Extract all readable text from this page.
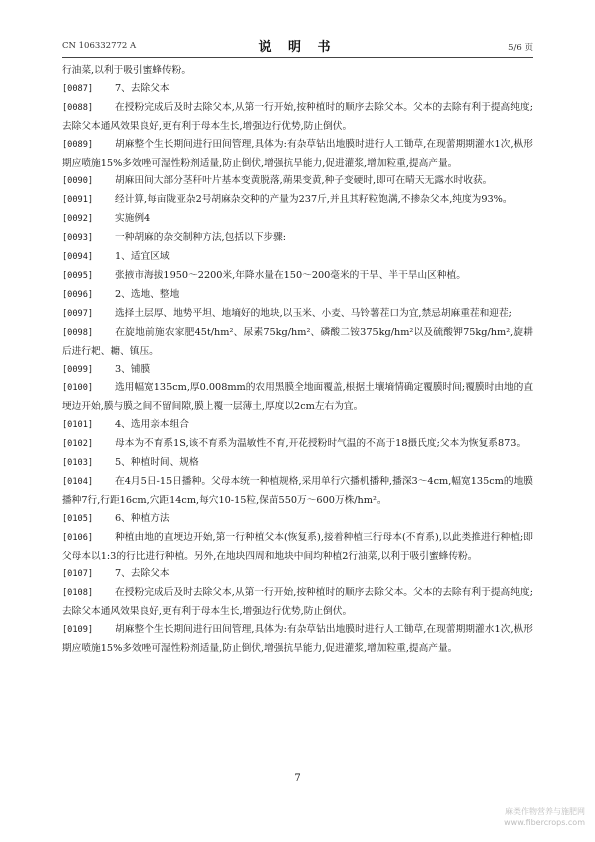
CN 106332772 A	说 明 书	5/6 页
行油菜,以利于吸引蜜蜂传粉。
[0087] 7、去除父本
[0088] 在授粉完成后及时去除父本,从第一行开始,按种植时的顺序去除父本。父本的去除有利于提高纯度;去除父本通风效果良好,更有利于母本生长,增强边行优势,防止倒伏。
[0089] 胡麻整个生长期间进行田间管理,具体为:有杂草钻出地膜时进行人工锄草,在现蕾期期灌水1次,枞形期应喷施15%多效唑可湿性粉剂适量,防止倒伏,增强抗旱能力,促进灌浆,增加粒重,提高产量。
[0090] 胡麻田间大部分茎秆叶片基本变黄脱落,蒴果变黄,种子变硬时,即可在晴天无露水时收获。
[0091] 经计算,每亩陇亚杂2号胡麻杂交种的产量为237斤,并且其籽粒饱满,不掺杂父本,纯度为93%。
[0092] 实施例4
[0093] 一种胡麻的杂交制种方法,包括以下步骤:
[0094] 1、适宜区域
[0095] 张掖市海拔1950～2200米,年降水量在150～200毫米的干旱、半干旱山区种植。
[0096] 2、选地、整地
[0097] 选择土层厚、地势平坦、地墒好的地块,以玉米、小麦、马铃薯茬口为宜,禁忌胡麻重茬和迎茬;
[0098] 在旋地前施农家肥45t/hm²、尿素75kg/hm²、磷酸二铵375kg/hm²以及硫酸钾75kg/hm²,旋耕后进行耙、耱、镇压。
[0099] 3、铺膜
[0100] 选用幅宽135cm,厚0.008mm的农用黑膜全地面覆盖,根据土壤墒情确定覆膜时间;覆膜时由地的直埂边开始,膜与膜之间不留间隙,膜上覆一层薄土,厚度以2cm左右为宜。
[0101] 4、选用亲本组合
[0102] 母本为不育系1S,该不育系为温敏性不育,开花授粉时气温的不高于18摄氏度;父本为恢复系873。
[0103] 5、种植时间、规格
[0104] 在4月5日-15日播种。父母本统一种植规格,采用单行穴播机播种,播深3～4cm,幅宽135cm的地膜播种7行,行距16cm,穴距14cm,每穴10-15粒,保苗550万～600万株/hm²。
[0105] 6、种植方法
[0106] 种植由地的直埂边开始,第一行种植父本(恢复系),接着种植三行母本(不育系),以此类推进行种植;即父母本以1:3的行比进行种植。另外,在地块四周和地块中间均种植2行油菜,以利于吸引蜜蜂传粉。
[0107] 7、去除父本
[0108] 在授粉完成后及时去除父本,从第一行开始,按种植时的顺序去除父本。父本的去除有利于提高纯度;去除父本通风效果良好,更有利于母本生长,增强边行优势,防止倒伏。
[0109] 胡麻整个生长期间进行田间管理,具体为:有杂草钻出地膜时进行人工锄草,在现蕾期期灌水1次,枞形期应喷施15%多效唑可湿性粉剂适量,防止倒伏,增强抗旱能力,促进灌浆,增加粒重,提高产量。
7
麻类作物营养与施肥网
www.fibercrops.com
